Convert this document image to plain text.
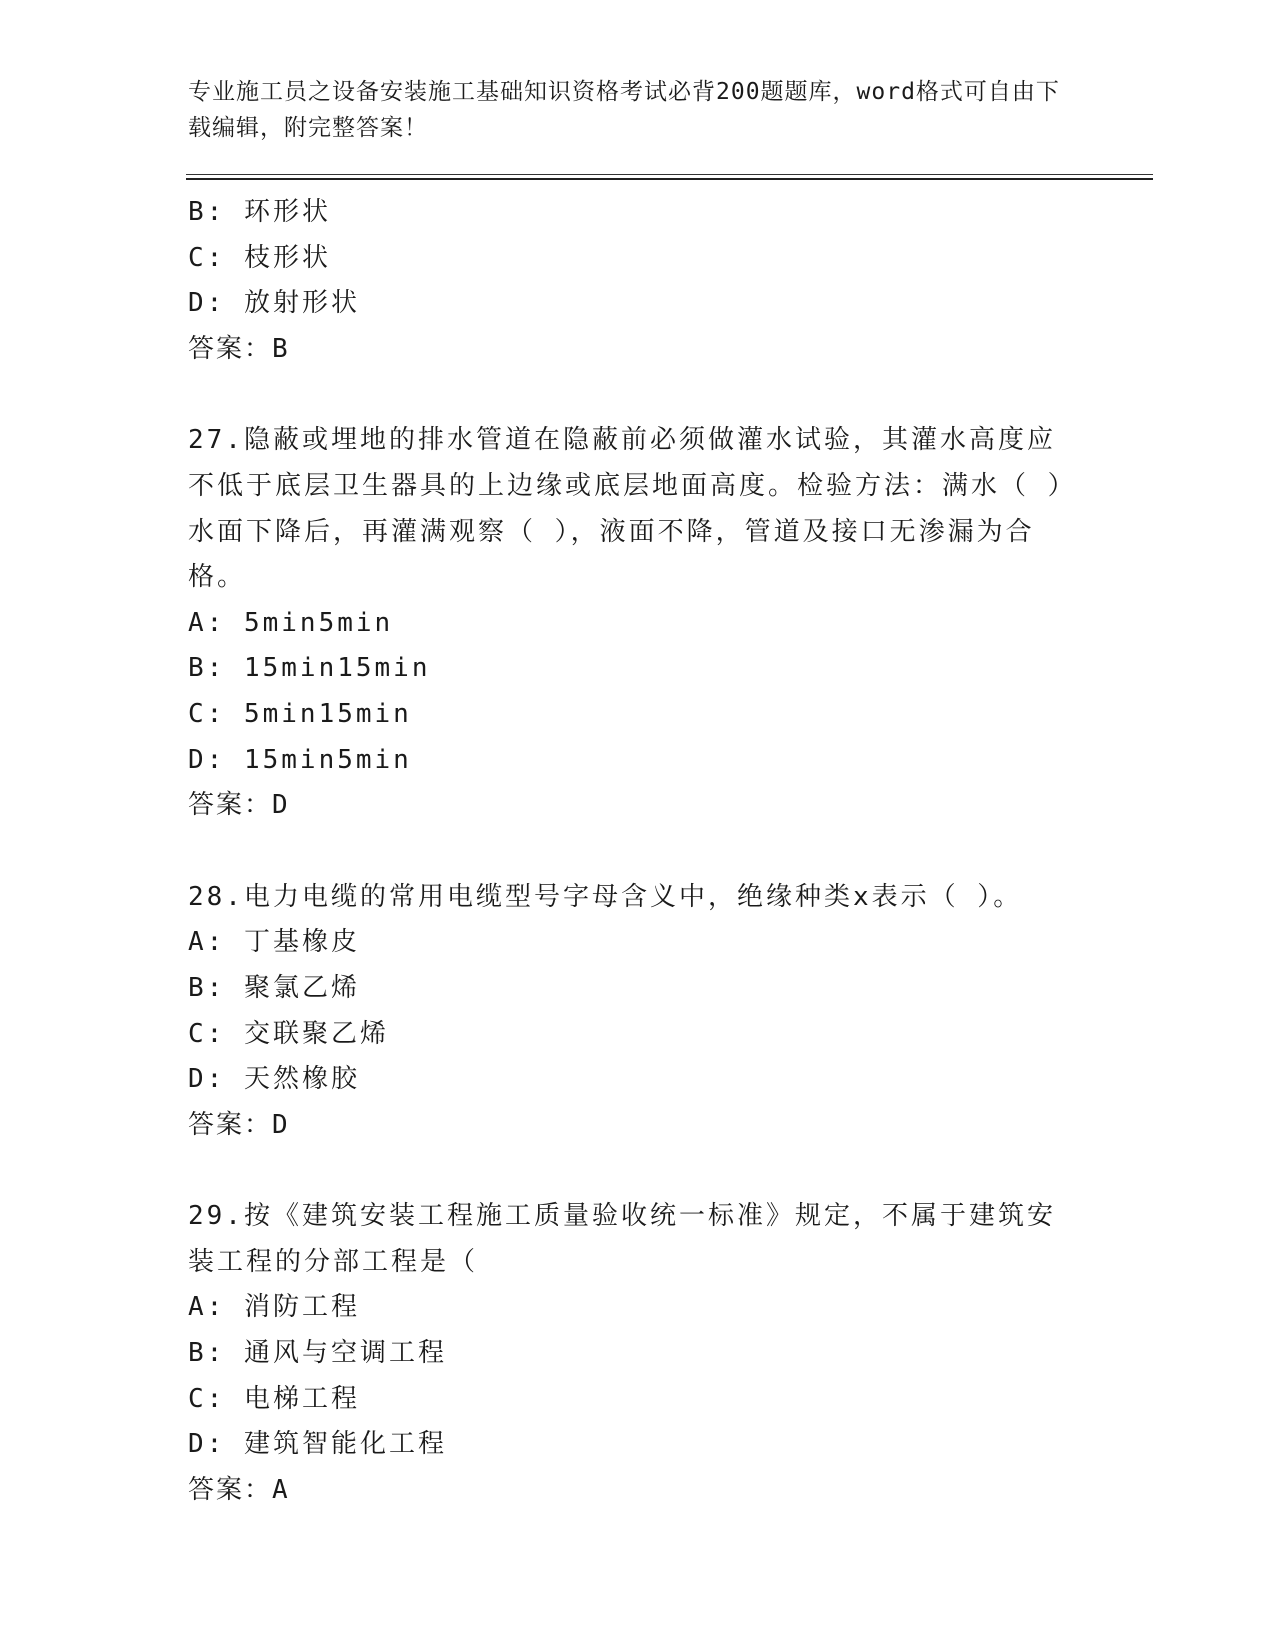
专业施工员之设备安装施工基础知识资格考试必背200题题库，word格式可自由下载编辑，附完整答案！
B: 环形状
C: 枝形状
D: 放射形状
答案：B
27.隐蔽或埋地的排水管道在隐蔽前必须做灌水试验，其灌水高度应不低于底层卫生器具的上边缘或底层地面高度。检验方法：满水（ ）水面下降后，再灌满观察（ ），液面不降，管道及接口无渗漏为合格。
A: 5min5min
B: 15min15min
C: 5min15min
D: 15min5min
答案：D
28.电力电缆的常用电缆型号字母含义中，绝缘种类x表示（ ）。
A: 丁基橡皮
B: 聚氯乙烯
C: 交联聚乙烯
D: 天然橡胶
答案：D
29.按《建筑安装工程施工质量验收统一标准》规定，不属于建筑安装工程的分部工程是（
A: 消防工程
B: 通风与空调工程
C: 电梯工程
D: 建筑智能化工程
答案：A
